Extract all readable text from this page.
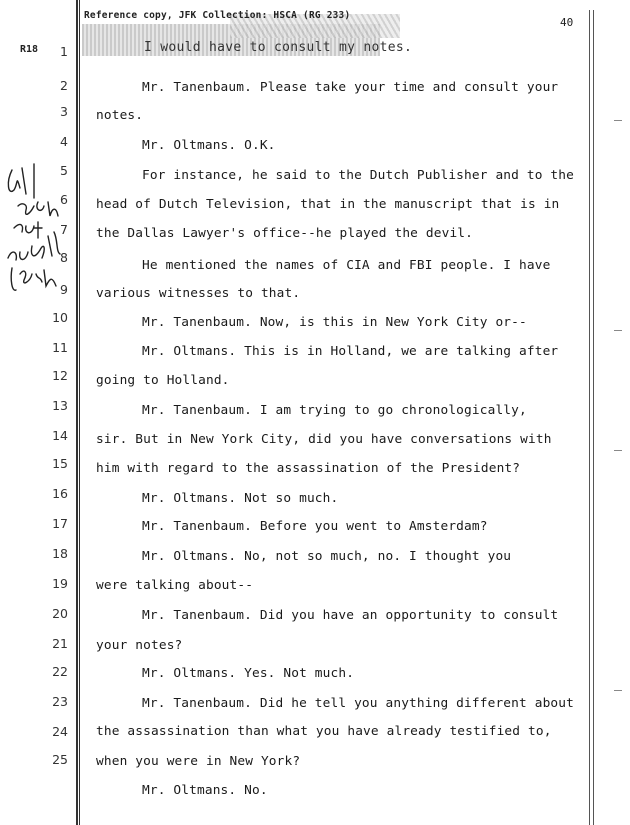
Reference copy, JFK Collection: HSCA (RG 233)
40
R18	1	I would have to consult my notes.
2
3
4
5
6
7
8
9
10
11
12
13
14
15
16
17
18
19
20
21
22
23
24
25
Mr. Tanenbaum. Please take your time and consult your
notes.
Mr. Oltmans. O.K.
For instance, he said to the Dutch Publisher and to the
head of Dutch Television, that in the manuscript that is in
the Dallas Lawyer's office--he played the devil.
He mentioned the names of CIA and FBI people. I have
various witnesses to that.
Mr. Tanenbaum. Now, is this in New York City or--
Mr. Oltmans. This is in Holland, we are talking after
going to Holland.
Mr. Tanenbaum. I am trying to go chronologically,
sir. But in New York City, did you have conversations with
him with regard to the assassination of the President?
Mr. Oltmans. Not so much.
Mr. Tanenbaum. Before you went to Amsterdam?
Mr. Oltmans. No, not so much, no. I thought you
were talking about--
Mr. Tanenbaum. Did you have an opportunity to consult
your notes?
Mr. Oltmans. Yes. Not much.
Mr. Tanenbaum. Did he tell you anything different about
the assassination than what you have already testified to,
when you were in New York?
Mr. Oltmans. No.
